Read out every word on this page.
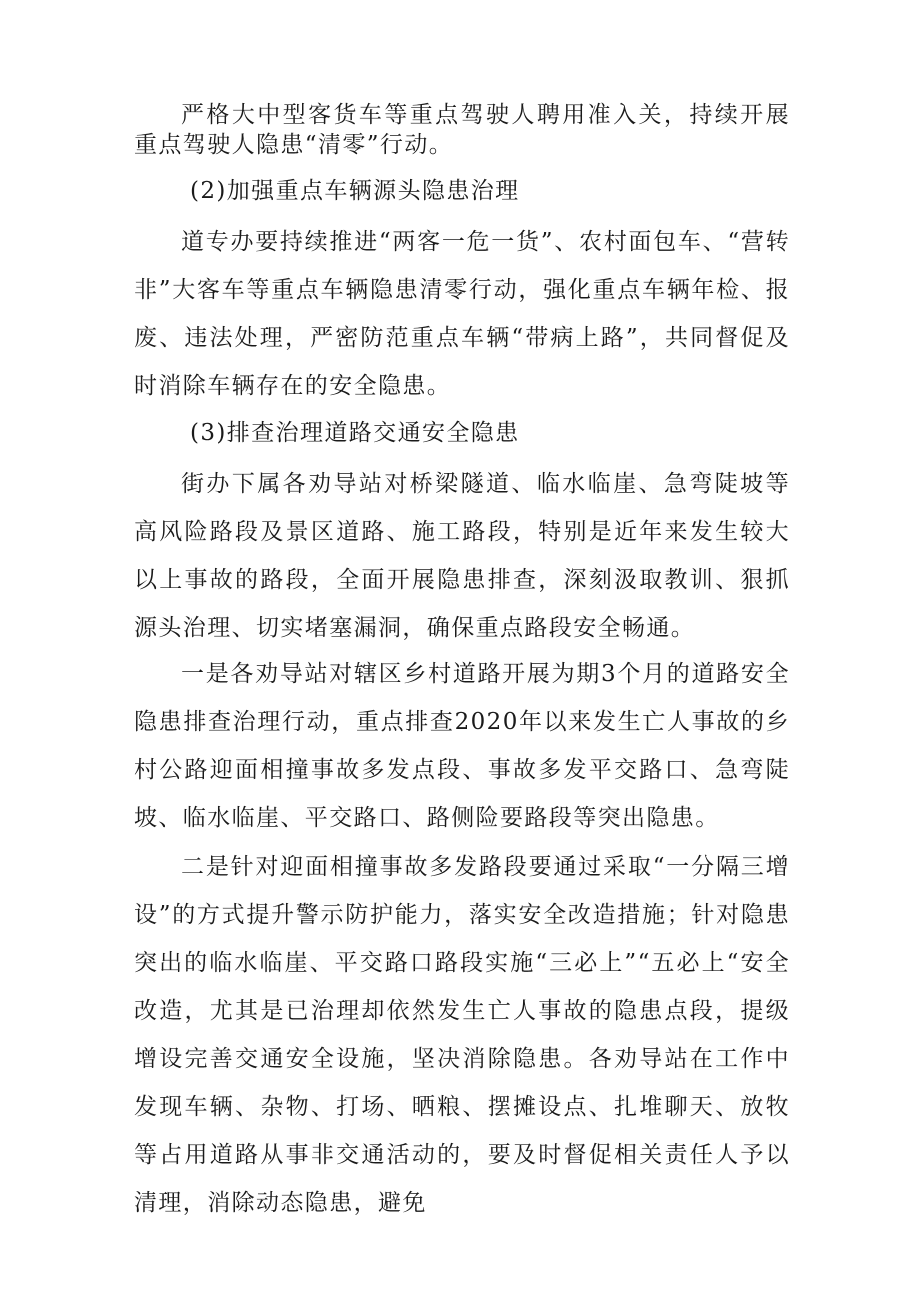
严格大中型客货车等重点驾驶人聘用准入关，持续开展重点驾驶人隐患“清零”行动。

(2)加强重点车辆源头隐患治理

道专办要持续推进“两客一危一货”、农村面包车、“营转非”大客车等重点车辆隐患清零行动，强化重点车辆年检、报废、违法处理，严密防范重点车辆“带病上路”，共同督促及时消除车辆存在的安全隐患。

(3)排查治理道路交通安全隐患

街办下属各劝导站对桥梁隧道、临水临崖、急弯陡坡等高风险路段及景区道路、施工路段，特别是近年来发生较大以上事故的路段，全面开展隐患排查，深刻汲取教训、狠抓源头治理、切实堵塞漏洞，确保重点路段安全畅通。

一是各劝导站对辖区乡村道路开展为期3个月的道路安全隐患排查治理行动，重点排查2020年以来发生亡人事故的乡村公路迎面相撞事故多发点段、事故多发平交路口、急弯陡坡、临水临崖、平交路口、路侧险要路段等突出隐患。

二是针对迎面相撞事故多发路段要通过采取“一分隔三增设”的方式提升警示防护能力，落实安全改造措施；针对隐患突出的临水临崖、平交路口路段实施“三必上”“五必上“安全改造，尤其是已治理却依然发生亡人事故的隐患点段，提级增设完善交通安全设施，坚决消除隐患。各劝导站在工作中发现车辆、杂物、打场、晒粮、摆摊设点、扎堆聊天、放牧等占用道路从事非交通活动的，要及时督促相关责任人予以清理，消除动态隐患，避免
